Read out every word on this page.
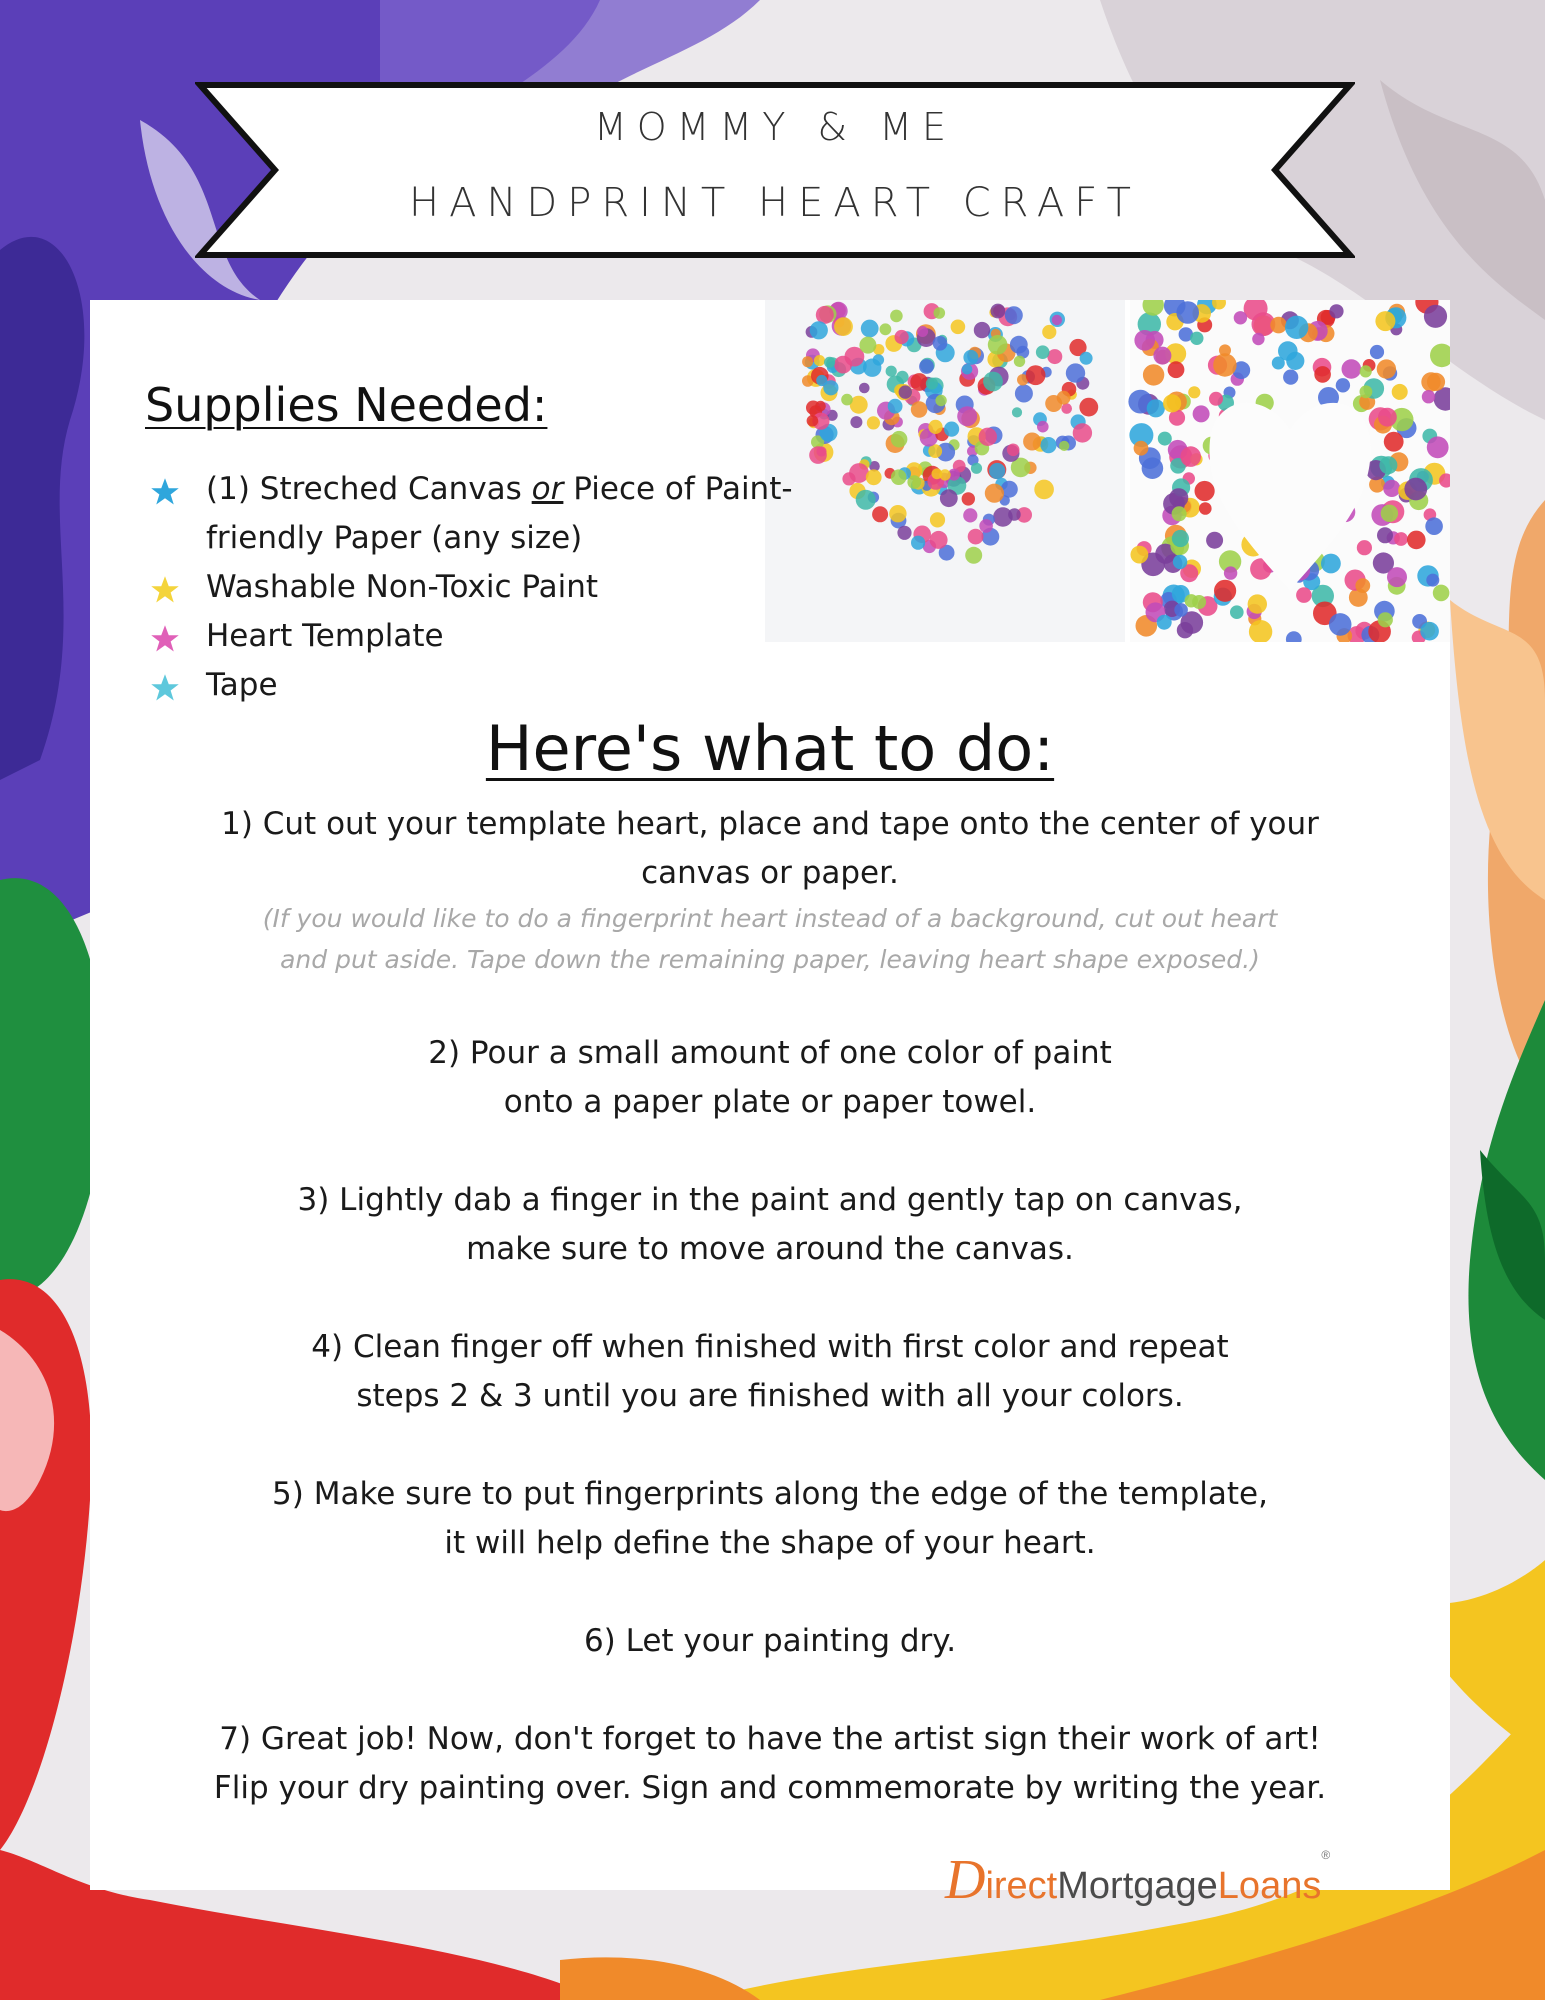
MOMMY & ME
HANDPRINT HEART CRAFT
Supplies Needed:
(1) Streched Canvas or Piece of Paint-friendly Paper (any size)
Washable Non-Toxic Paint
Heart Template
Tape
Here's what to do:

1) Cut out your template heart, place and tape onto the center of your
canvas or paper.
(If you would like to do a fingerprint heart instead of a background, cut out heart
and put aside. Tape down the remaining paper, leaving heart shape exposed.)

2) Pour a small amount of one color of paint
onto a paper plate or paper towel.

3) Lightly dab a finger in the paint and gently tap on canvas,
make sure to move around the canvas.

4) Clean finger off when finished with first color and repeat
steps 2 & 3 until you are finished with all your colors.

5) Make sure to put fingerprints along the edge of the template,
it will help define the shape of your heart.

6) Let your painting dry.

7) Great job! Now, don't forget to have the artist sign their work of art!
Flip your dry painting over. Sign and commemorate by writing the year.

DirectMortgageLoans®
